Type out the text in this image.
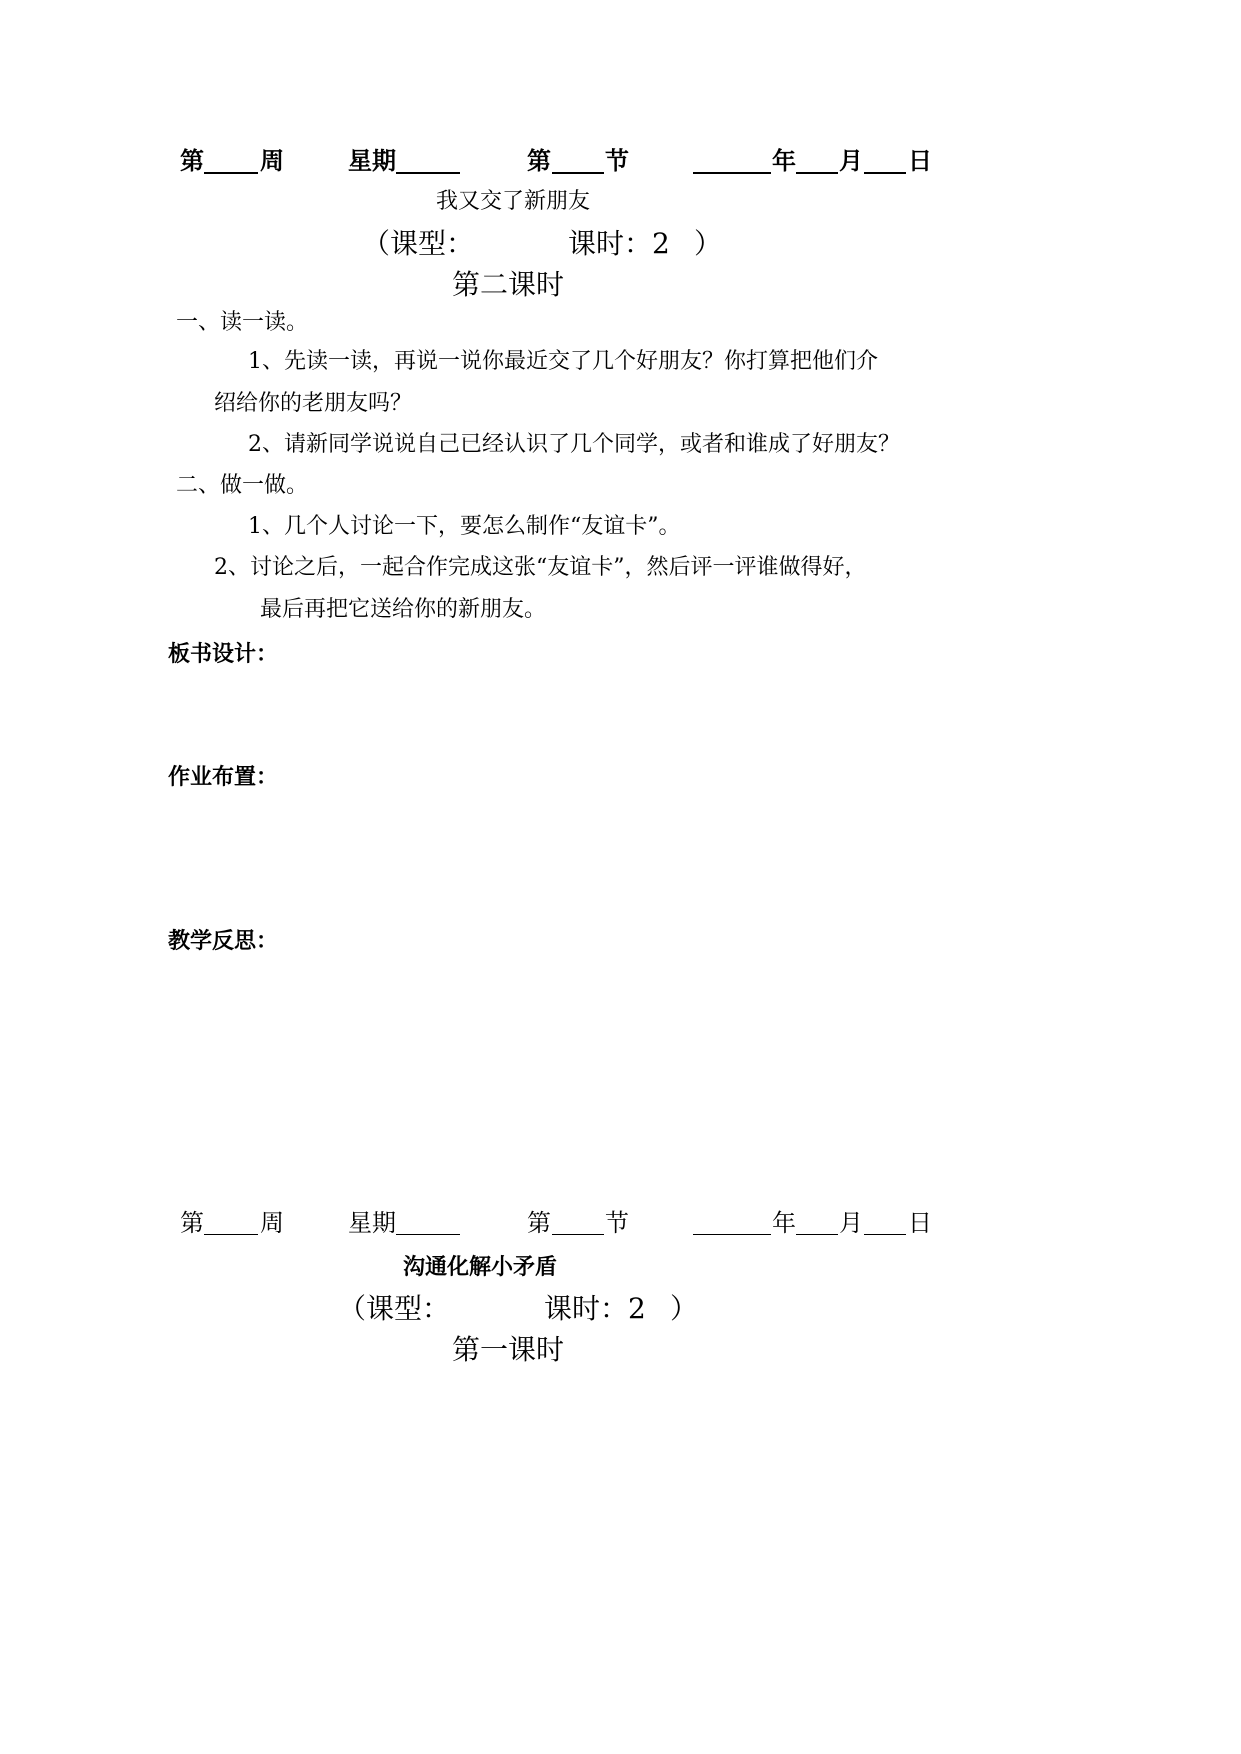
第 周	星期	第 节	年 月 日
我又交了新朋友
（课型：	课时：2 ）
第二课时
一、读一读。
1、先读一读，再说一说你最近交了几个好朋友？你打算把他们介
绍给你的老朋友吗？
2、请新同学说说自己已经认识了几个同学，或者和谁成了好朋友？
二、做一做。
1、几个人讨论一下，要怎么制作“友谊卡”。
2、讨论之后，一起合作完成这张“友谊卡”，然后评一评谁做得好，
最后再把它送给你的新朋友。
板书设计：
作业布置：
教学反思：
第 周	星期	第 节	年 月 日
沟通化解小矛盾
（课型：	课时：2 ）
第一课时
